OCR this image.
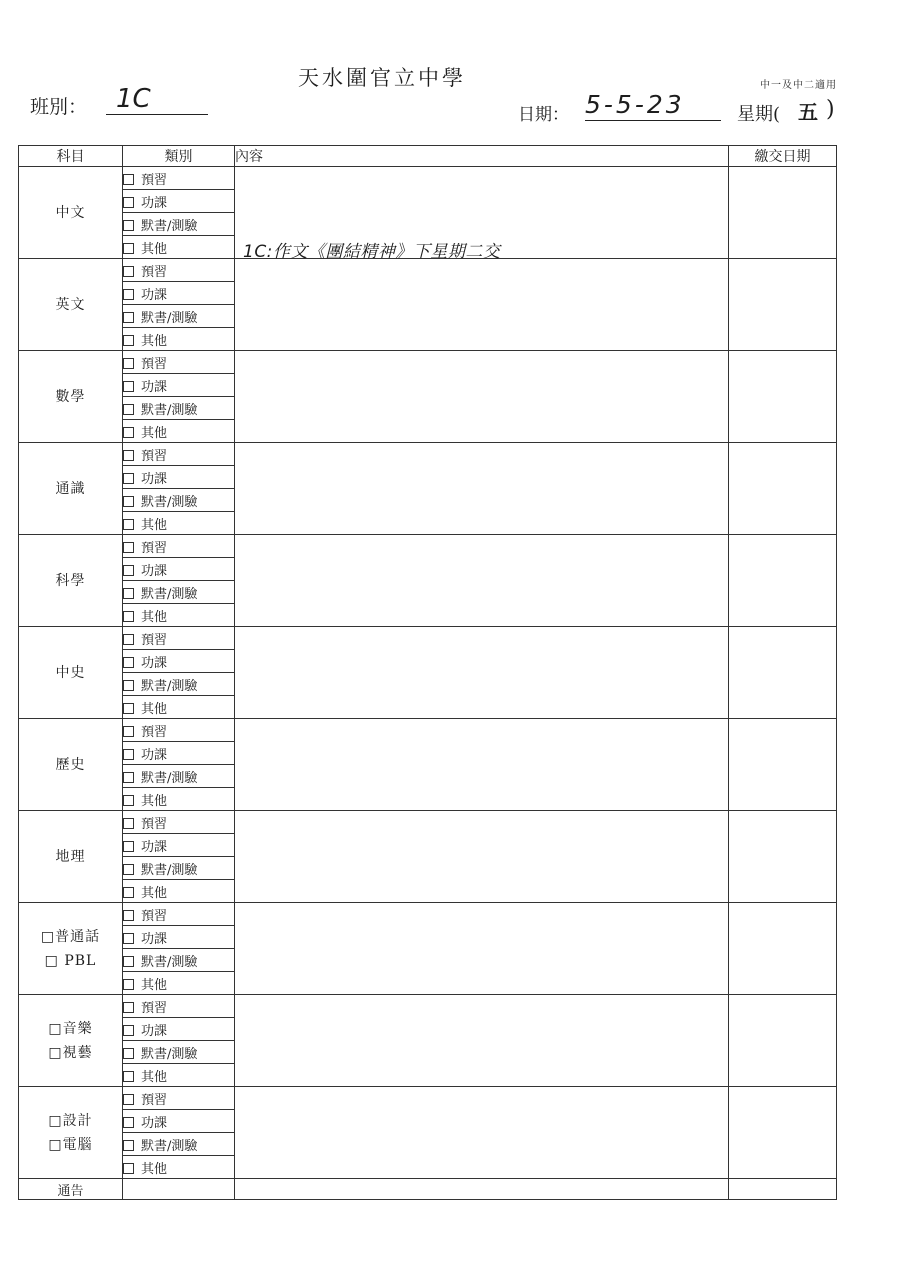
天水圍官立中學	中一及中二適用
班別：	1C
日期： 5-5-23	星期( 五 )
科目	類別	內容	繳交日期
中文	預習	1C:作文《團結精神》下星期二交	

	功課		
	默書/測驗		
	其他		
英文	預習	

	功課		
	默書/測驗		
	其他		
數學	預習	

	功課		
	默書/測驗		
	其他		
通識	預習	

	功課		
	默書/測驗		
	其他		
科學	預習	

	功課		
	默書/測驗		
	其他		
中史	預習	

	功課		
	默書/測驗		
	其他		
歷史	預習	

	功課		
	默書/測驗		
	其他		
地理	預習	

	功課		
	默書/測驗		
	其他		
□普通話
□ PBL	預習	

	功課		
	默書/測驗		
	其他		
□音樂
□視藝	預習	

	功課		
	默書/測驗		
	其他		
□設計
□電腦	預習	

	功課		
	默書/測驗		
	其他		
通告			
